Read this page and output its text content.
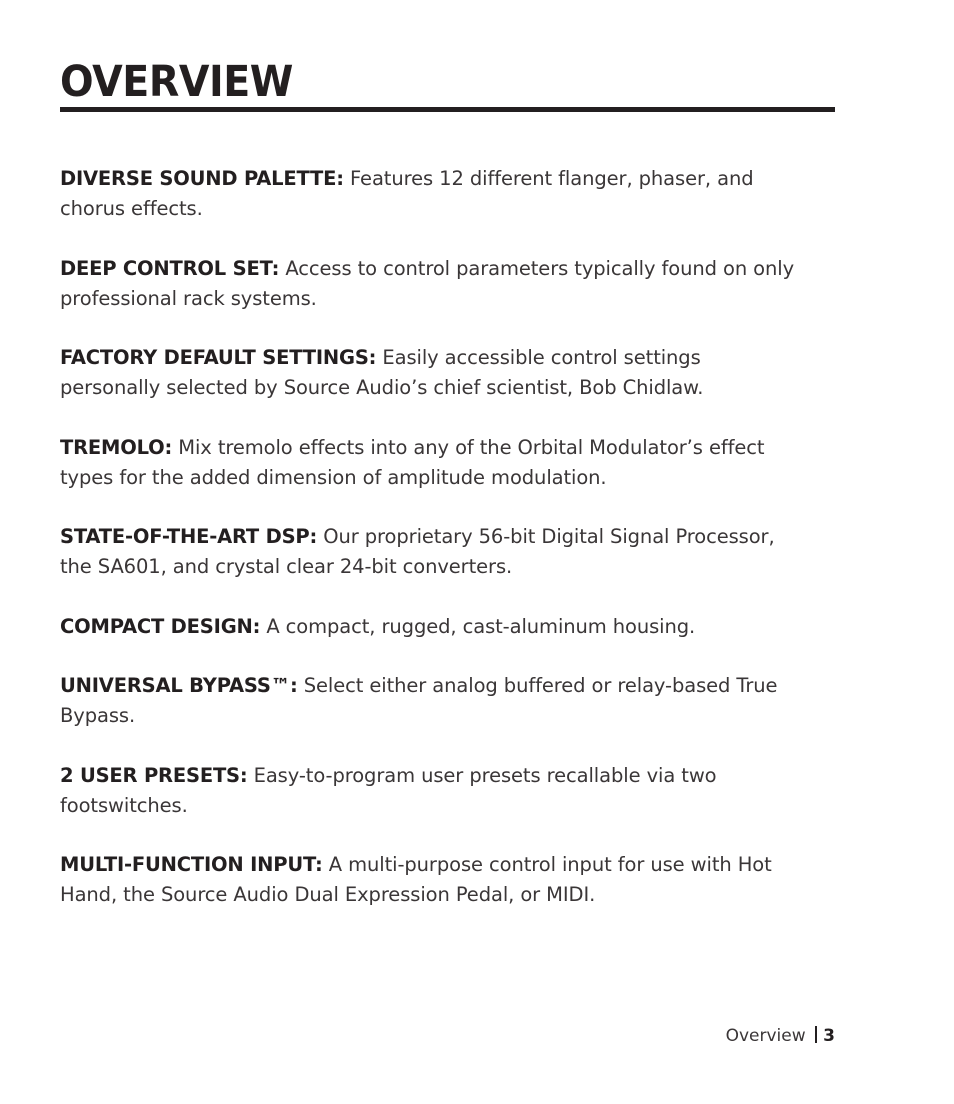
OVERVIEW

DIVERSE SOUND PALETTE: Features 12 different flanger, phaser, and chorus effects.

DEEP CONTROL SET: Access to control parameters typically found on only professional rack systems.

FACTORY DEFAULT SETTINGS: Easily accessible control settings personally selected by Source Audio’s chief scientist, Bob Chidlaw.

TREMOLO: Mix tremolo effects into any of the Orbital Modulator’s effect types for the added dimension of amplitude modulation.

STATE-OF-THE-ART DSP: Our proprietary 56-bit Digital Signal Processor, the SA601, and crystal clear 24-bit converters.

COMPACT DESIGN: A compact, rugged, cast-aluminum housing.

UNIVERSAL BYPASS™: Select either analog buffered or relay-based True Bypass.

2 USER PRESETS: Easy-to-program user presets recallable via two footswitches.

MULTI-FUNCTION INPUT: A multi-purpose control input for use with Hot Hand, the Source Audio Dual Expression Pedal, or MIDI.

Overview 3
